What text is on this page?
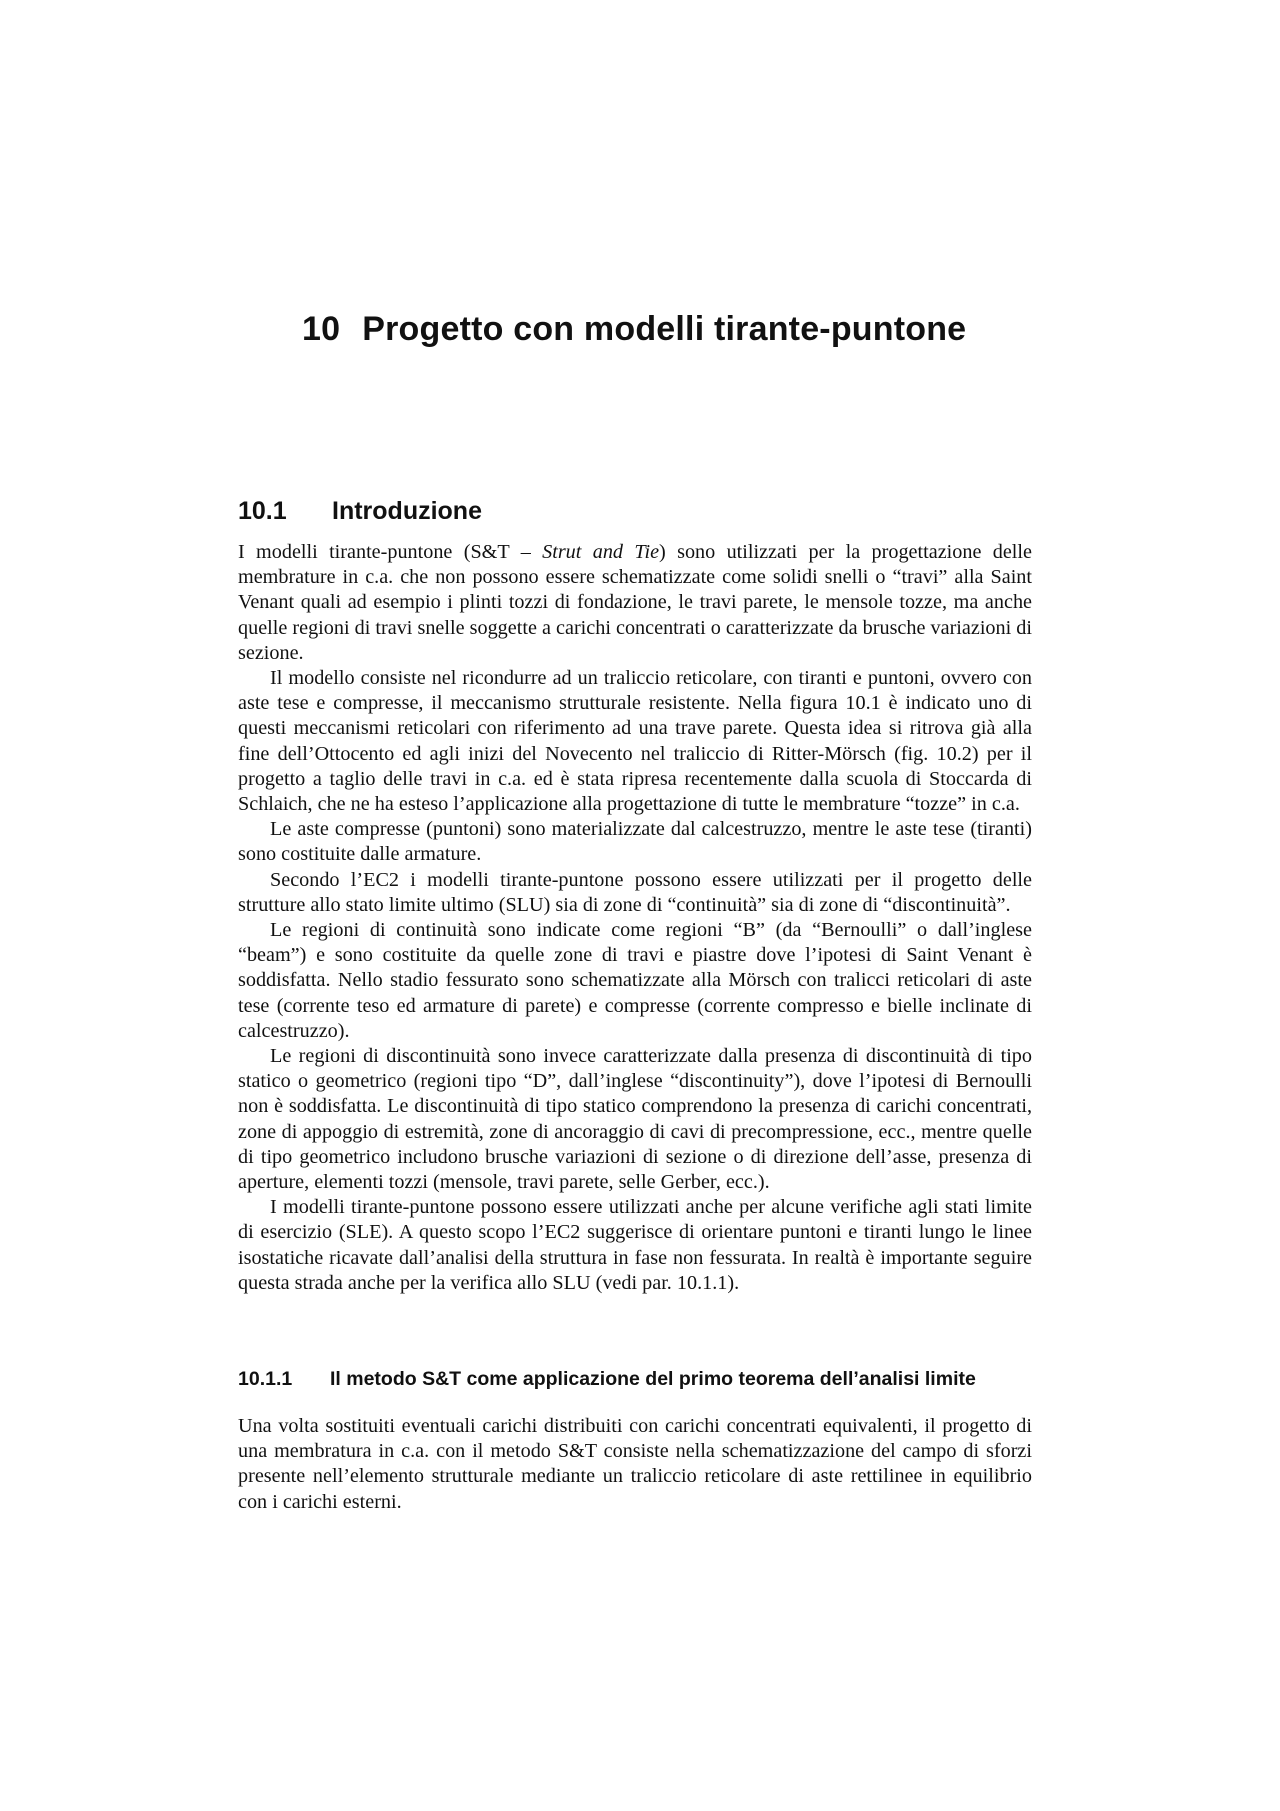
10 Progetto con modelli tirante-puntone
10.1 Introduzione

I modelli tirante-puntone (S&T – Strut and Tie) sono utilizzati per la progettazione delle membrature in c.a. che non possono essere schematizzate come solidi snelli o “travi” alla Saint Venant quali ad esempio i plinti tozzi di fondazione, le travi parete, le mensole tozze, ma anche quelle regioni di travi snelle soggette a carichi concentrati o caratterizzate da brusche variazioni di sezione.

Il modello consiste nel ricondurre ad un traliccio reticolare, con tiranti e puntoni, ovvero con aste tese e compresse, il meccanismo strutturale resistente. Nella figura 10.1 è indicato uno di questi meccanismi reticolari con riferimento ad una trave parete. Questa idea si ritrova già alla fine dell’Ottocento ed agli inizi del Novecento nel traliccio di Ritter-Mörsch (fig. 10.2) per il progetto a taglio delle travi in c.a. ed è stata ripresa recentemente dalla scuola di Stoccarda di Schlaich, che ne ha esteso l’applicazione alla progettazione di tutte le membrature “tozze” in c.a.

Le aste compresse (puntoni) sono materializzate dal calcestruzzo, mentre le aste tese (tiranti) sono costituite dalle armature.

Secondo l’EC2 i modelli tirante-puntone possono essere utilizzati per il progetto delle strutture allo stato limite ultimo (SLU) sia di zone di “continuità” sia di zone di “discontinuità”.

Le regioni di continuità sono indicate come regioni “B” (da “Bernoulli” o dall’inglese “beam”) e sono costituite da quelle zone di travi e piastre dove l’ipotesi di Saint Venant è soddisfatta. Nello stadio fessurato sono schematizzate alla Mörsch con tralicci reticolari di aste tese (corrente teso ed armature di parete) e compresse (corrente compresso e bielle inclinate di calcestruzzo).

Le regioni di discontinuità sono invece caratterizzate dalla presenza di discontinuità di tipo statico o geometrico (regioni tipo “D”, dall’inglese “discontinuity”), dove l’ipotesi di Bernoulli non è soddisfatta. Le discontinuità di tipo statico comprendono la presenza di carichi concentrati, zone di appoggio di estremità, zone di ancoraggio di cavi di precompressione, ecc., mentre quelle di tipo geometrico includono brusche variazioni di sezione o di direzione dell’asse, presenza di aperture, elementi tozzi (mensole, travi parete, selle Gerber, ecc.).

I modelli tirante-puntone possono essere utilizzati anche per alcune verifiche agli stati limite di esercizio (SLE). A questo scopo l’EC2 suggerisce di orientare puntoni e tiranti lungo le linee isostatiche ricavate dall’analisi della struttura in fase non fessurata. In realtà è importante seguire questa strada anche per la verifica allo SLU (vedi par. 10.1.1).

10.1.1 Il metodo S&T come applicazione del primo teorema dell’analisi limite

Una volta sostituiti eventuali carichi distribuiti con carichi concentrati equivalenti, il progetto di una membratura in c.a. con il metodo S&T consiste nella schematizzazione del campo di sforzi presente nell’elemento strutturale mediante un traliccio reticolare di aste rettilinee in equilibrio con i carichi esterni.
